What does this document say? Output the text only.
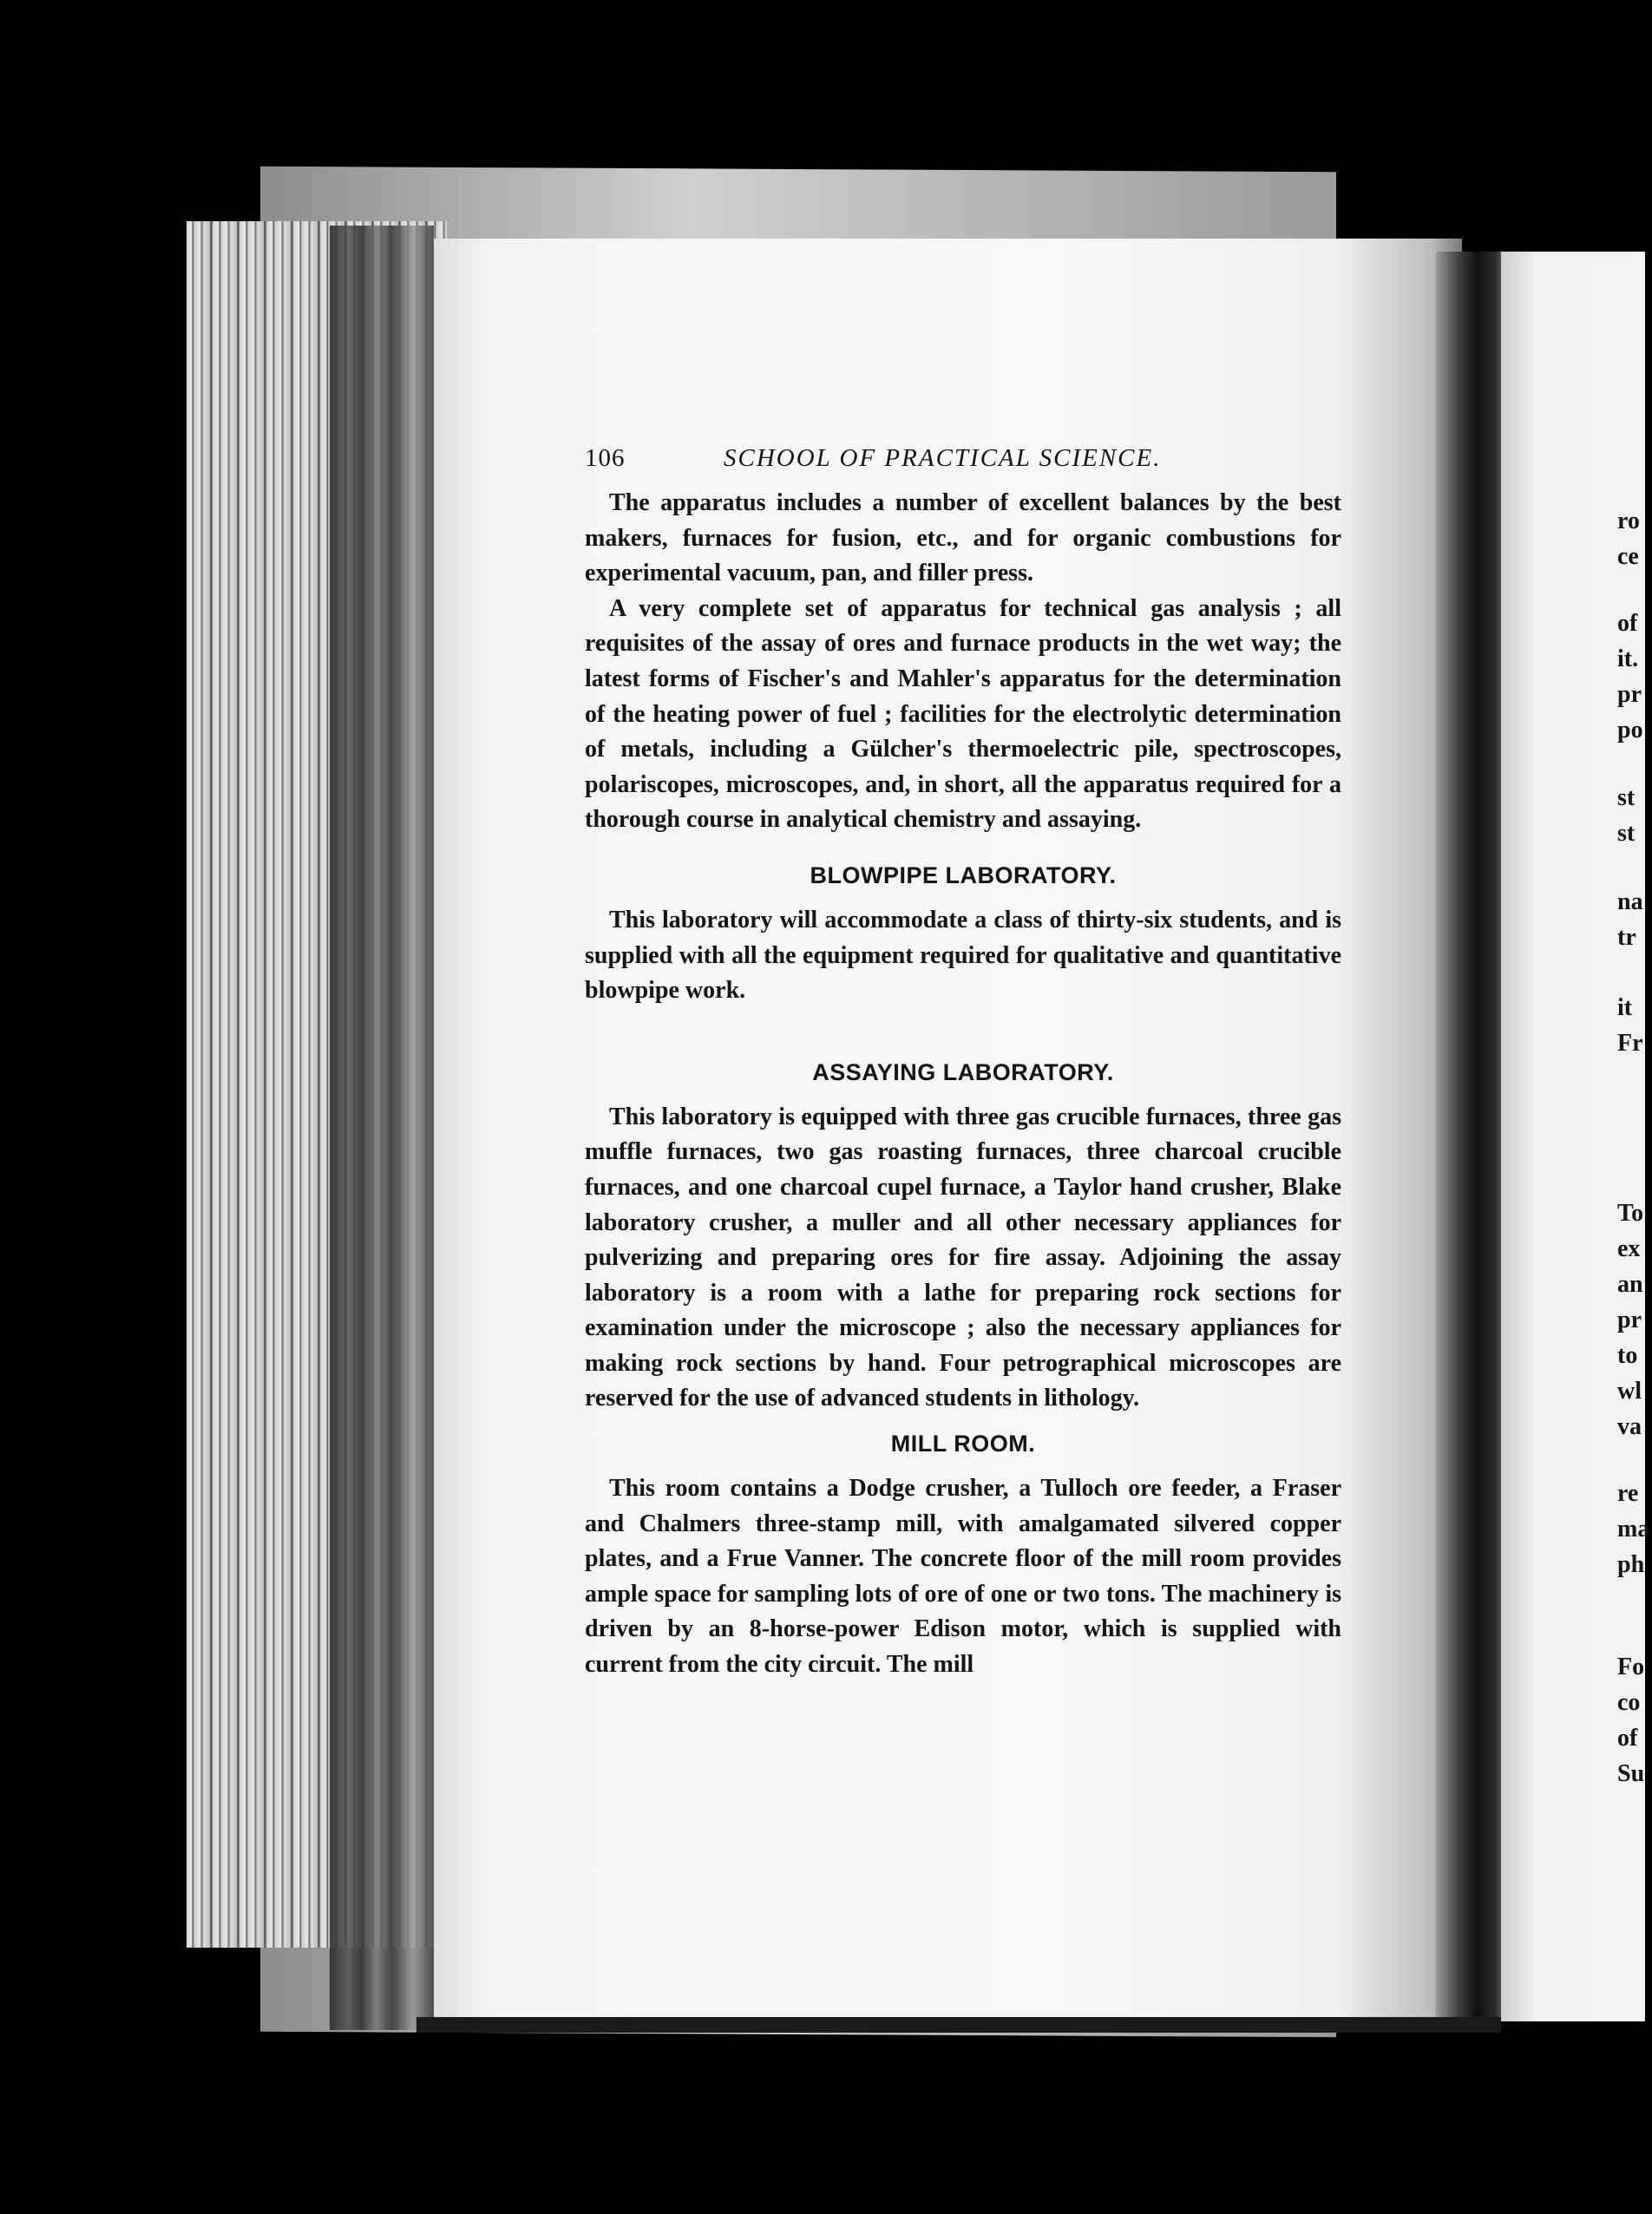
106	SCHOOL OF PRACTICAL SCIENCE.

The apparatus includes a number of excellent balances by the best makers, furnaces for fusion, etc., and for organic combustions for experimental vacuum, pan, and filler press.

A very complete set of apparatus for technical gas analysis ; all requisites of the assay of ores and furnace products in the wet way; the latest forms of Fischer's and Mahler's apparatus for the determination of the heating power of fuel ; facilities for the electrolytic determination of metals, including a Gülcher's thermoelectric pile, spectroscopes, polariscopes, microscopes, and, in short, all the apparatus required for a thorough course in analytical chemistry and assaying.

BLOWPIPE LABORATORY.

This laboratory will accommodate a class of thirty-six students, and is supplied with all the equipment required for qualitative and quantitative blowpipe work.

ASSAYING LABORATORY.

This laboratory is equipped with three gas crucible furnaces, three gas muffle furnaces, two gas roasting furnaces, three charcoal crucible furnaces, and one charcoal cupel furnace, a Taylor hand crusher, Blake laboratory crusher, a muller and all other necessary appliances for pulverizing and preparing ores for fire assay. Adjoining the assay laboratory is a room with a lathe for preparing rock sections for examination under the microscope ; also the necessary appliances for making rock sections by hand. Four petrographical microscopes are reserved for the use of advanced students in lithology.

MILL ROOM.

This room contains a Dodge crusher, a Tulloch ore feeder, a Fraser and Chalmers three-stamp mill, with amalgamated silvered copper plates, and a Frue Vanner. The concrete floor of the mill room provides ample space for sampling lots of ore of one or two tons. The machinery is driven by an 8-horse-power Edison motor, which is supplied with current from the city circuit. The mill

ro
ce
of
it.
pr
po
st
st
na
tr
it
Fr
To
ex
an
pr
to
wl
va
re
ma
ph
Fo
co
of
Su
